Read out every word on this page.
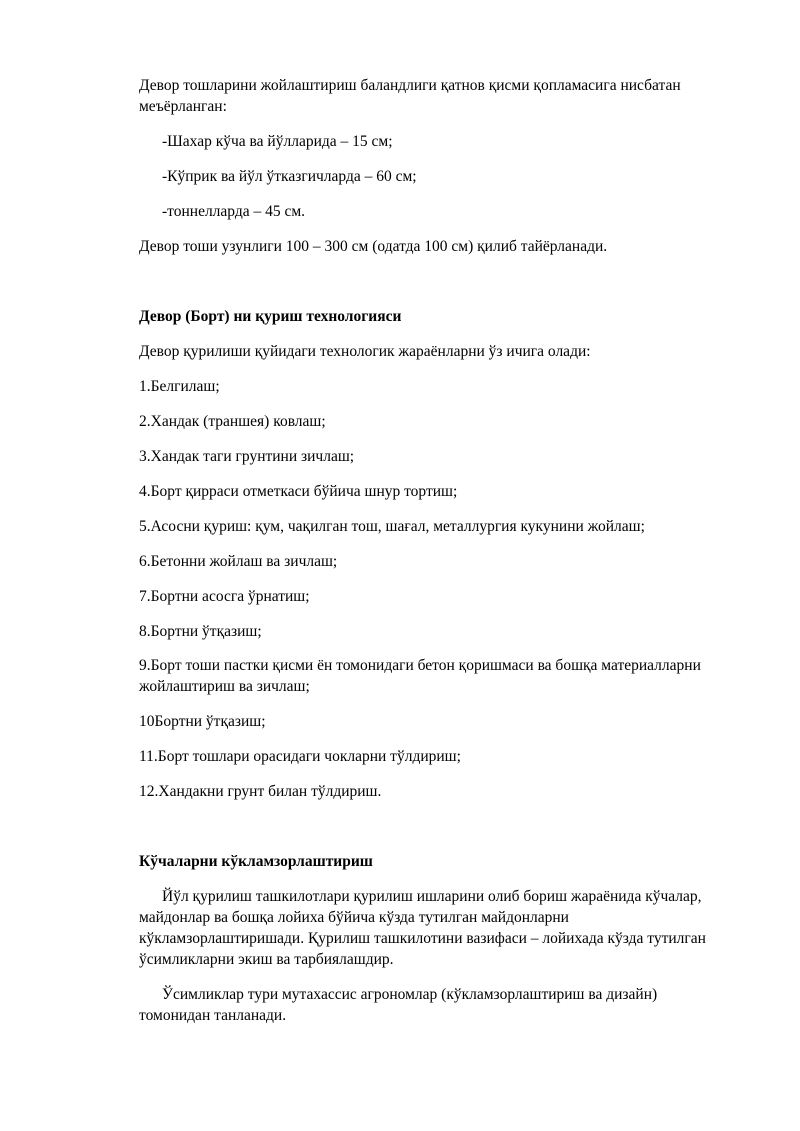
Девор тошларини жойлаштириш баландлиги қатнов қисми қопламасига нисбатан
меъёрланган:
-Шахар кўча ва йўлларида – 15 см;
-Кўприк ва йўл ўтказгичларда – 60 см;
-тоннелларда – 45 см.
Девор тоши узунлиги 100 – 300 см (одатда 100 см) қилиб тайёрланади.
Девор (Борт) ни қуриш технологияси
Девор қурилиши қуйидаги технологик жараёнларни ўз ичига олади:
1.Белгилаш;
2.Хандак (траншея) ковлаш;
3.Хандак таги грунтини зичлаш;
4.Борт қирраси отметкаси бўйича шнур тортиш;
5.Асосни қуриш: қум, чақилган тош, шағал, металлургия кукунини жойлаш;
6.Бетонни жойлаш ва зичлаш;
7.Бортни асосга ўрнатиш;
8.Бортни ўтқазиш;
9.Борт тоши пастки қисми ён томонидаги бетон қоришмаси ва бошқа материалларни
жойлаштириш ва зичлаш;
10Бортни ўтқазиш;
11.Борт тошлари орасидаги чокларни тўлдириш;
12.Хандакни грунт билан тўлдириш.
Кўчаларни кўкламзорлаштириш
Йўл қурилиш ташкилотлари қурилиш ишларини олиб бориш жараёнида кўчалар,
майдонлар ва бошқа лойиха бўйича кўзда тутилган майдонларни
кўкламзорлаштиришади. Қурилиш ташкилотини вазифаси – лойихада кўзда тутилган
ўсимликларни экиш ва тарбиялашдир.
Ўсимликлар тури мутахассис агрономлар (кўкламзорлаштириш ва дизайн)
томонидан танланади.
